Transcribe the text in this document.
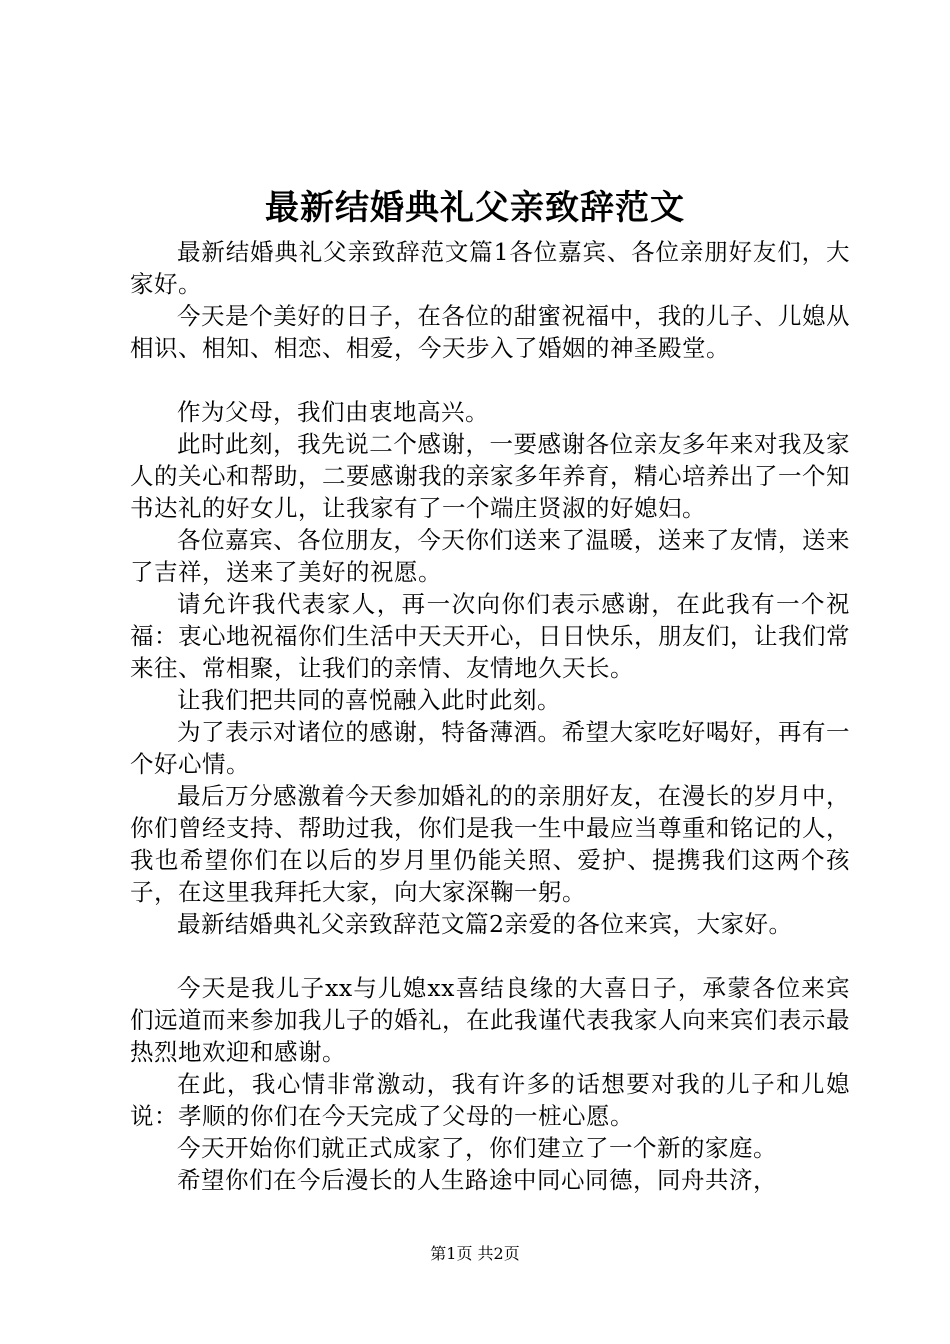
最新结婚典礼父亲致辞范文

最新结婚典礼父亲致辞范文篇1各位嘉宾、各位亲朋好友们，大家好。

今天是个美好的日子，在各位的甜蜜祝福中，我的儿子、儿媳从相识、相知、相恋、相爱，今天步入了婚姻的神圣殿堂。

作为父母，我们由衷地高兴。

此时此刻，我先说二个感谢，一要感谢各位亲友多年来对我及家人的关心和帮助，二要感谢我的亲家多年养育，精心培养出了一个知书达礼的好女儿，让我家有了一个端庄贤淑的好媳妇。

各位嘉宾、各位朋友，今天你们送来了温暖，送来了友情，送来了吉祥，送来了美好的祝愿。

请允许我代表家人，再一次向你们表示感谢，在此我有一个祝福：衷心地祝福你们生活中天天开心，日日快乐，朋友们，让我们常来往、常相聚，让我们的亲情、友情地久天长。

让我们把共同的喜悦融入此时此刻。

为了表示对诸位的感谢，特备薄酒。希望大家吃好喝好，再有一个好心情。

最后万分感激着今天参加婚礼的的亲朋好友，在漫长的岁月中，你们曾经支持、帮助过我，你们是我一生中最应当尊重和铭记的人，我也希望你们在以后的岁月里仍能关照、爱护、提携我们这两个孩子，在这里我拜托大家，向大家深鞠一躬。

最新结婚典礼父亲致辞范文篇2亲爱的各位来宾，大家好。

今天是我儿子xx与儿媳xx喜结良缘的大喜日子，承蒙各位来宾们远道而来参加我儿子的婚礼，在此我谨代表我家人向来宾们表示最热烈地欢迎和感谢。

在此，我心情非常激动，我有许多的话想要对我的儿子和儿媳说：孝顺的你们在今天完成了父母的一桩心愿。

今天开始你们就正式成家了，你们建立了一个新的家庭。

希望你们在今后漫长的人生路途中同心同德，同舟共济，

第1页 共2页
